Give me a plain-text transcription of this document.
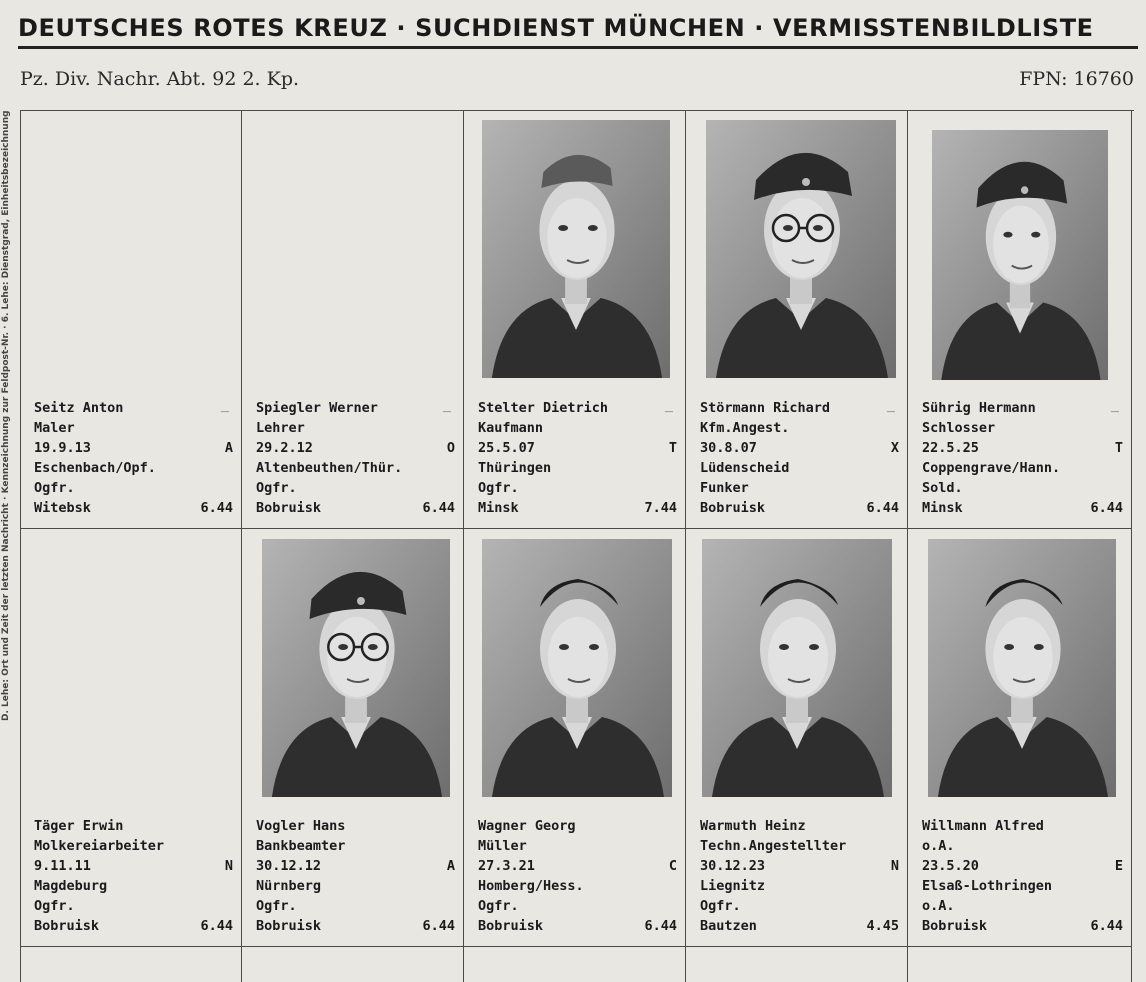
DEUTSCHES ROTES KREUZ · SUCHDIENST MÜNCHEN · VERMISSTENBILDLISTE
Pz. Div. Nachr. Abt. 92 2. Kp.	FPN: 16760
D. Lehe: Ort und Zeit der letzten Nachricht · Kennzeichnung zur Feldpost-Nr. · 6. Lehe: Dienstgrad, Einheitsbezeichnung Seitz Anton	_
Maler
19.9.13	A
Eschenbach/Opf.
Ogfr.
Witebsk	6.44
Spiegler Werner	_
Lehrer
29.2.12	O
Altenbeuthen/Thür.
Ogfr.
Bobruisk	6.44
Stelter Dietrich	_
Kaufmann
25.5.07	T
Thüringen
Ogfr.
Minsk	7.44
Störmann Richard	_
Kfm.Angest.
30.8.07	X
Lüdenscheid
Funker
Bobruisk	6.44
Sührig Hermann	_
Schlosser
22.5.25	T
Coppengrave/Hann.
Sold.
Minsk	6.44
Täger Erwin
Molkereiarbeiter
9.11.11	N
Magdeburg
Ogfr.
Bobruisk	6.44
Vogler Hans
Bankbeamter
30.12.12	A
Nürnberg
Ogfr.
Bobruisk	6.44
Wagner Georg
Müller
27.3.21	C
Homberg/Hess.
Ogfr.
Bobruisk	6.44
Warmuth Heinz
Techn.Angestellter
30.12.23	N
Liegnitz
Ogfr.
Bautzen	4.45
Willmann Alfred
o.A.
23.5.20	E
Elsaß-Lothringen
o.A.
Bobruisk	6.44
